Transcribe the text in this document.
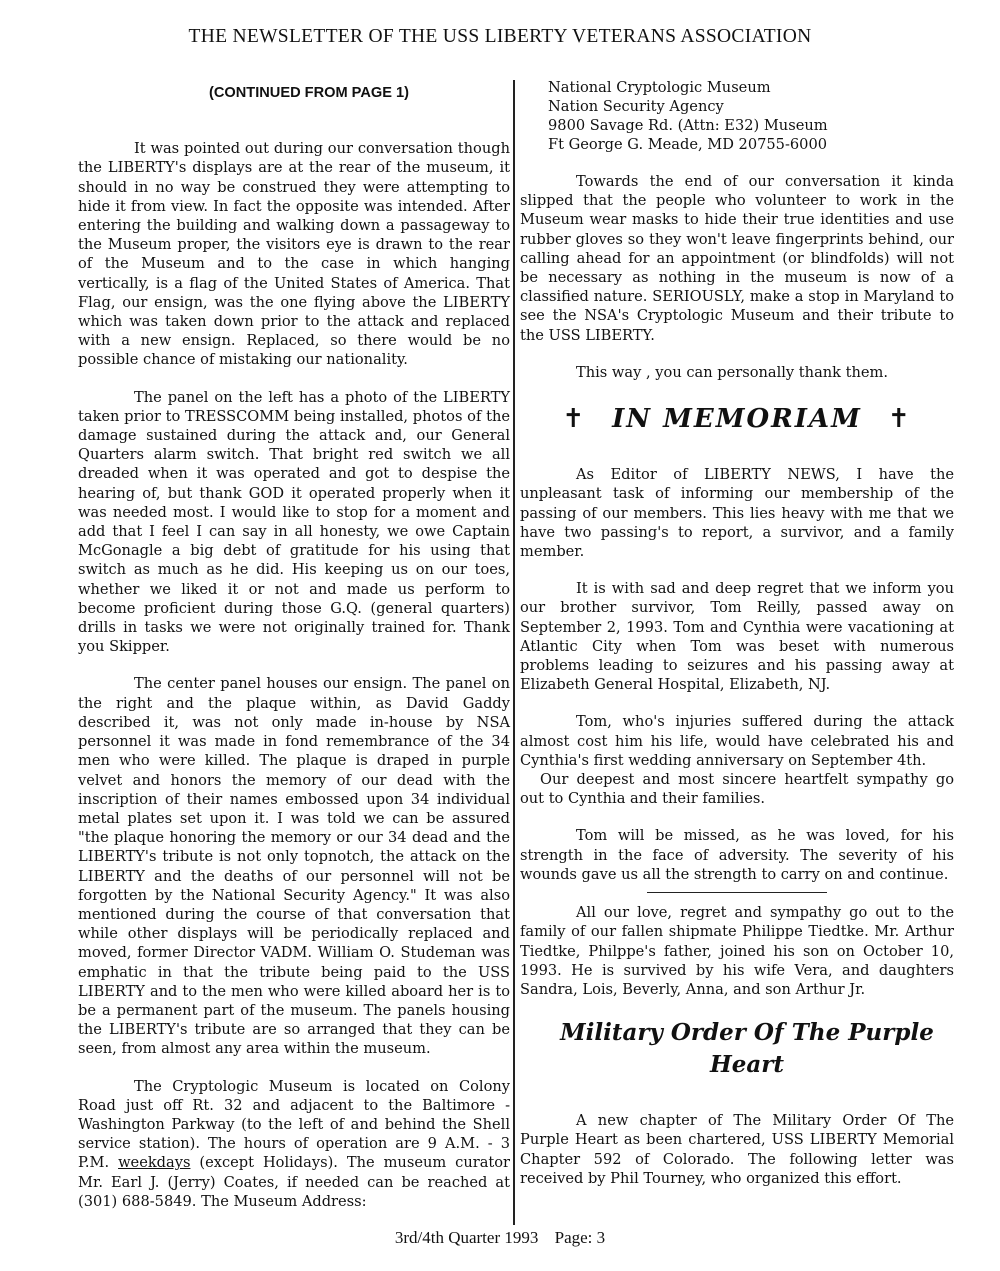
THE NEWSLETTER OF THE USS LIBERTY VETERANS ASSOCIATION
(CONTINUED FROM PAGE 1)

It was pointed out during our conversation though the LIBERTY's displays are at the rear of the museum, it should in no way be construed they were attempting to hide it from view. In fact the opposite was intended. After entering the building and walking down a passageway to the Museum proper, the visitors eye is drawn to the rear of the Museum and to the case in which hanging vertically, is a flag of the United States of America. That Flag, our ensign, was the one flying above the LIBERTY which was taken down prior to the attack and replaced with a new ensign. Replaced, so there would be no possible chance of mistaking our nationality.

The panel on the left has a photo of the LIBERTY taken prior to TRESSCOMM being installed, photos of the damage sustained during the attack and, our General Quarters alarm switch. That bright red switch we all dreaded when it was operated and got to despise the hearing of, but thank GOD it operated properly when it was needed most. I would like to stop for a moment and add that I feel I can say in all honesty, we owe Captain McGonagle a big debt of gratitude for his using that switch as much as he did. His keeping us on our toes, whether we liked it or not and made us perform to become proficient during those G.Q. (general quarters) drills in tasks we were not originally trained for. Thank you Skipper.

The center panel houses our ensign. The panel on the right and the plaque within, as David Gaddy described it, was not only made in-house by NSA personnel it was made in fond remembrance of the 34 men who were killed. The plaque is draped in purple velvet and honors the memory of our dead with the inscription of their names embossed upon 34 individual metal plates set upon it. I was told we can be assured "the plaque honoring the memory or our 34 dead and the LIBERTY's tribute is not only topnotch, the attack on the LIBERTY and the deaths of our personnel will not be forgotten by the National Security Agency." It was also mentioned during the course of that conversation that while other displays will be periodically replaced and moved, former Director VADM. William O. Studeman was emphatic in that the tribute being paid to the USS LIBERTY and to the men who were killed aboard her is to be a permanent part of the museum. The panels housing the LIBERTY's tribute are so arranged that they can be seen, from almost any area within the museum.

The Cryptologic Museum is located on Colony Road just off Rt. 32 and adjacent to the Baltimore - Washington Parkway (to the left of and behind the Shell service station). The hours of operation are 9 A.M. - 3 P.M. weekdays (except Holidays). The museum curator Mr. Earl J. (Jerry) Coates, if needed can be reached at (301) 688-5849. The Museum Address:

National Cryptologic Museum
Nation Security Agency
9800 Savage Rd. (Attn: E32) Museum
Ft George G. Meade, MD 20755-6000

Towards the end of our conversation it kinda slipped that the people who volunteer to work in the Museum wear masks to hide their true identities and use rubber gloves so they won't leave fingerprints behind, our calling ahead for an appointment (or blindfolds) will not be necessary as nothing in the museum is now of a classified nature. SERIOUSLY, make a stop in Maryland to see the NSA's Cryptologic Museum and their tribute to the USS LIBERTY.

This way , you can personally thank them.

✝ IN MEMORIAM ✝

As Editor of LIBERTY NEWS, I have the unpleasant task of informing our membership of the passing of our members. This lies heavy with me that we have two passing's to report, a survivor, and a family member.

It is with sad and deep regret that we inform you our brother survivor, Tom Reilly, passed away on September 2, 1993. Tom and Cynthia were vacationing at Atlantic City when Tom was beset with numerous problems leading to seizures and his passing away at Elizabeth General Hospital, Elizabeth, NJ.

Tom, who's injuries suffered during the attack almost cost him his life, would have celebrated his and Cynthia's first wedding anniversary on September 4th.

Our deepest and most sincere heartfelt sympathy go out to Cynthia and their families.

Tom will be missed, as he was loved, for his strength in the face of adversity. The severity of his wounds gave us all the strength to carry on and continue.

All our love, regret and sympathy go out to the family of our fallen shipmate Philippe Tiedtke. Mr. Arthur Tiedtke, Philppe's father, joined his son on October 10, 1993. He is survived by his wife Vera, and daughters Sandra, Lois, Beverly, Anna, and son Arthur Jr.

Military Order Of The Purple
Heart

A new chapter of The Military Order Of The Purple Heart as been chartered, USS LIBERTY Memorial Chapter 592 of Colorado. The following letter was received by Phil Tourney, who organized this effort.

3rd/4th Quarter 1993 Page: 3
